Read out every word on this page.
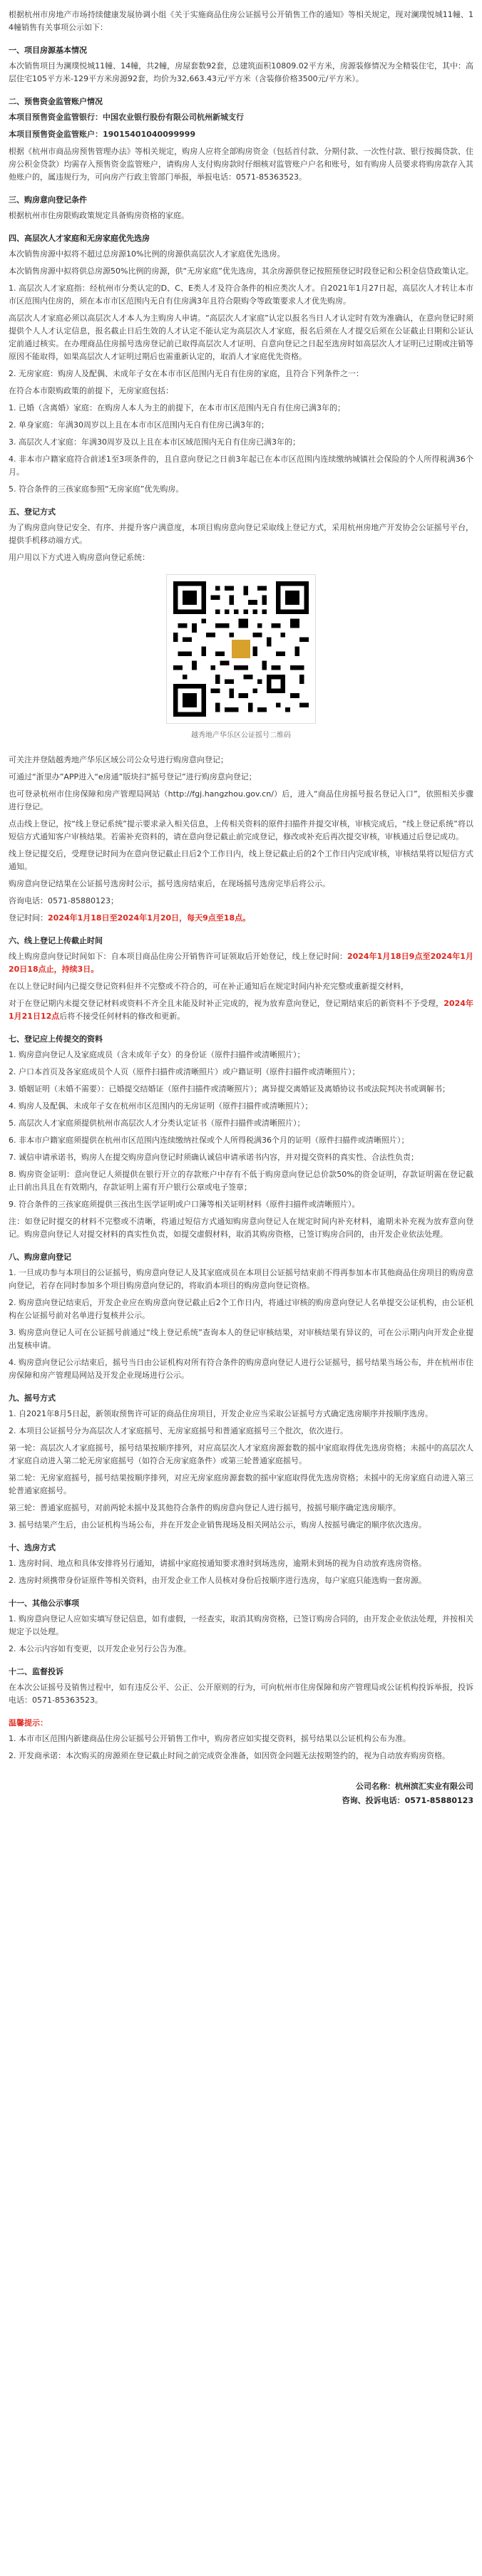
根据杭州市房地产市场持续健康发展协调小组《关于实施商品住房公证摇号公开销售工作的通知》等相关规定，现对澜璞悦城11幢、14幢销售有关事项公示如下：

一、项目房源基本情况

本次销售项目为澜璞悦城11幢、14幢，共2幢，房屋套数92套，总建筑面积10809.02平方米，房源装修情况为全精装住宅，其中：高层住宅105平方米-129平方米房源92套，均价为32,663.43元/平方米（含装修价格3500元/平方米）。

二、预售资金监管账户情况

本项目预售资金监管银行：中国农业银行股份有限公司杭州新城支行

本项目预售资金监管账户：19015401040099999

根据《杭州市商品房预售管理办法》等相关规定，购房人应将全部购房资金（包括首付款、分期付款、一次性付款、银行按揭贷款、住房公积金贷款）均需存入预售资金监管账户，请购房人支付购房款时仔细核对监管账户户名和账号，如有购房人员要求将购房款存入其他账户的，属违规行为，可向房产行政主管部门举报，举报电话：0571-85363523。

三、购房意向登记条件

根据杭州市住房限购政策规定具备购房资格的家庭。

四、高层次人才家庭和无房家庭优先选房

本次销售房源中拟将不超过总房源10%比例的房源供高层次人才家庭优先选房。

本次销售房源中拟将供总房源50%比例的房源，供“无房家庭”优先选房，其余房源供登记按照预登记时段登记和公积金信贷政策认定。

1. 高层次人才家庭指：经杭州市分类认定的D、C、E类人才及符合条件的相应类次人才。自2021年1月27日起，高层次人才转让本市市区范围内住房的，须在本市市区范围内无自有住房满3年且符合限购令等政策要求人才优先购房。

高层次人才家庭必须以高层次人才本人为主购房人申请。“高层次人才家庭”认定以报名当日人才认定时有效为准确认，在意向登记时须提供个人人才认定信息，报名截止日后生效的人才认定不能认定为高层次人才家庭，报名后须在人才提交后须在公证截止日期和公证认定前通过核实。在办理商品住房摇号选房登记前已取得高层次人才证明、自意向登记之日起至选房时如高层次人才证明已过期或注销等原因不能取得，如果高层次人才证明过期后也需重新认定的，取消人才家庭优先资格。

2. 无房家庭：购房人及配偶、未成年子女在本市市区范围内无自有住房的家庭，且符合下列条件之一：

在符合本市限购政策的前提下，无房家庭包括：

1. 已婚（含离婚）家庭：在购房人本人为主的前提下，在本市市区范围内无自有住房已满3年的；

2. 单身家庭：年满30周岁以上且在本市市区范围内无自有住房已满3年的；

3. 高层次人才家庭：年满30周岁及以上且在本市区域范围内无自有住房已满3年的；

4. 非本市户籍家庭符合前述1至3项条件的，且自意向登记之日前3年起已在本市区范围内连续缴纳城镇社会保险的个人所得税满36个月。

5. 符合条件的三孩家庭参照“无房家庭”优先购房。

五、登记方式

为了购房意向登记安全、有序、并提升客户满意度，本项目购房意向登记采取线上登记方式，采用杭州房地产开发协会公证摇号平台，提供手机移动端方式。

用户用以下方式进入购房意向登记系统：

越秀地产华乐区公证摇号二维码

可关注并登陆越秀地产华乐区域公司公众号进行购房意向登记；

可通过“浙里办”APP进入“e房通”版块扫“摇号登记”进行购房意向登记；

也可登录杭州市住房保障和房产管理局网站（http://fgj.hangzhou.gov.cn/）后，进入“商品住房摇号报名登记入口”，依照相关步骤进行登记。

点击线上登记，按“线上登记系统”提示要求录入相关信息，上传相关资料的原件扫描件并提交审核，审核完成后，“线上登记系统”将以短信方式通知客户审核结果。若需补充资料的，请在意向登记截止前完成登记，修改或补充后再次提交审核，审核通过后登记成功。

线上登记提交后，受理登记时间为在意向登记截止日后2个工作日内，线上登记截止后的2个工作日内完成审核，审核结果将以短信方式通知。

购房意向登记结果在公证摇号选房时公示，摇号选房结束后，在现场摇号选房完毕后将公示。

咨询电话：0571-85880123；

登记时间：2024年1月18日至2024年1月20日，每天9点至18点。

六、线上登记上传截止时间

线上购房意向登记时间如下：自本项目商品住房公开销售许可证领取后开始登记，线上登记时间：2024年1月18日9点至2024年1月20日18点止，持续3日。

在以上登记时间内已提交登记资料但并不完整或不符合的，可在补正通知后在规定时间内补充完整或重新提交材料，

对于在登记期内未提交登记材料或资料不齐全且未能及时补正完成的，视为放弃意向登记，登记期结束后的新资料不予受理，2024年1月21日12点后将不接受任何材料的修改和更新。

七、登记应上传提交的资料

1. 购房意向登记人及家庭成员（含未成年子女）的身份证（原件扫描件或清晰照片）；

2. 户口本首页及各家庭成员个人页（原件扫描件或清晰照片）或户籍证明（原件扫描件或清晰照片）；

3. 婚姻证明（未婚不需要）：已婚提交结婚证（原件扫描件或清晰照片）；离异提交离婚证及离婚协议书或法院判决书或调解书；

4. 购房人及配偶、未成年子女在杭州市区范围内的无房证明（原件扫描件或清晰照片）；

5. 高层次人才家庭须提供杭州市高层次人才分类认定证书（原件扫描件或清晰照片）；

6. 非本市户籍家庭须提供在杭州市区范围内连续缴纳社保或个人所得税满36个月的证明（原件扫描件或清晰照片）；

7. 诚信申请承诺书，购房人在提交购房意向登记时须确认诚信申请承诺书内容，并对提交资料的真实性、合法性负责；

8. 购房资金证明：意向登记人须提供在银行开立的存款账户中存有不低于购房意向登记总价款50%的资金证明，存款证明需在登记截止日前出具且在有效期内，存款证明上需有开户银行公章或电子签章；

9. 符合条件的三孩家庭须提供三孩出生医学证明或户口簿等相关证明材料（原件扫描件或清晰照片）。

注：如登记时提交的材料不完整或不清晰，将通过短信方式通知购房意向登记人在规定时间内补充材料，逾期未补充视为放弃意向登记。购房意向登记人对提交材料的真实性负责，如提交虚假材料，取消其购房资格，已签订购房合同的，由开发企业依法处理。

八、购房意向登记

1. 一旦成功参与本项目的公证摇号，购房意向登记人及其家庭成员在本项目公证摇号结束前不得再参加本市其他商品住房项目的购房意向登记，若存在同时参加多个项目购房意向登记的，将取消本项目的购房意向登记资格。

2. 购房意向登记结束后，开发企业应在购房意向登记截止后2个工作日内，将通过审核的购房意向登记人名单提交公证机构，由公证机构在公证摇号前对名单进行复核并公示。

3. 购房意向登记人可在公证摇号前通过“线上登记系统”查询本人的登记审核结果，对审核结果有异议的，可在公示期内向开发企业提出复核申请。

4. 购房意向登记公示结束后，摇号当日由公证机构对所有符合条件的购房意向登记人进行公证摇号，摇号结果当场公布，并在杭州市住房保障和房产管理局网站及开发企业现场进行公示。

九、摇号方式

1. 自2021年8月5日起，新领取预售许可证的商品住房项目，开发企业应当采取公证摇号方式确定选房顺序并按顺序选房。

2. 本项目公证摇号分为高层次人才家庭摇号、无房家庭摇号和普通家庭摇号三个批次，依次进行。

第一轮：高层次人才家庭摇号，摇号结果按顺序排列，对应高层次人才家庭房源套数的摇中家庭取得优先选房资格；未摇中的高层次人才家庭自动进入第二轮无房家庭摇号（如符合无房家庭条件）或第三轮普通家庭摇号。

第二轮：无房家庭摇号，摇号结果按顺序排列，对应无房家庭房源套数的摇中家庭取得优先选房资格；未摇中的无房家庭自动进入第三轮普通家庭摇号。

第三轮：普通家庭摇号，对前两轮未摇中及其他符合条件的购房意向登记人进行摇号，按摇号顺序确定选房顺序。

3. 摇号结果产生后，由公证机构当场公布，并在开发企业销售现场及相关网站公示，购房人按摇号确定的顺序依次选房。

十、选房方式

1. 选房时间、地点和具体安排将另行通知，请摇中家庭按通知要求准时到场选房，逾期未到场的视为自动放弃选房资格。

2. 选房时须携带身份证原件等相关资料，由开发企业工作人员核对身份后按顺序进行选房，每户家庭只能选购一套房源。

十一、其他公示事项

1. 购房意向登记人应如实填写登记信息，如有虚假，一经查实，取消其购房资格，已签订购房合同的，由开发企业依法处理，并按相关规定予以处理。

2. 本公示内容如有变更，以开发企业另行公告为准。

十二、监督投诉

在本次公证摇号及销售过程中，如有违反公平、公正、公开原则的行为，可向杭州市住房保障和房产管理局或公证机构投诉举报，投诉电话：0571-85363523。

温馨提示：

1. 本市市区范围内新建商品住房公证摇号公开销售工作中，购房者应如实提交资料，摇号结果以公证机构公布为准。

2. 开发商承诺：本次购买的房源须在登记截止时间之前完成资金准备，如因资金问题无法按期签约的，视为自动放弃购房资格。

公司名称：杭州滨汇实业有限公司
咨询、投诉电话：0571-85880123
